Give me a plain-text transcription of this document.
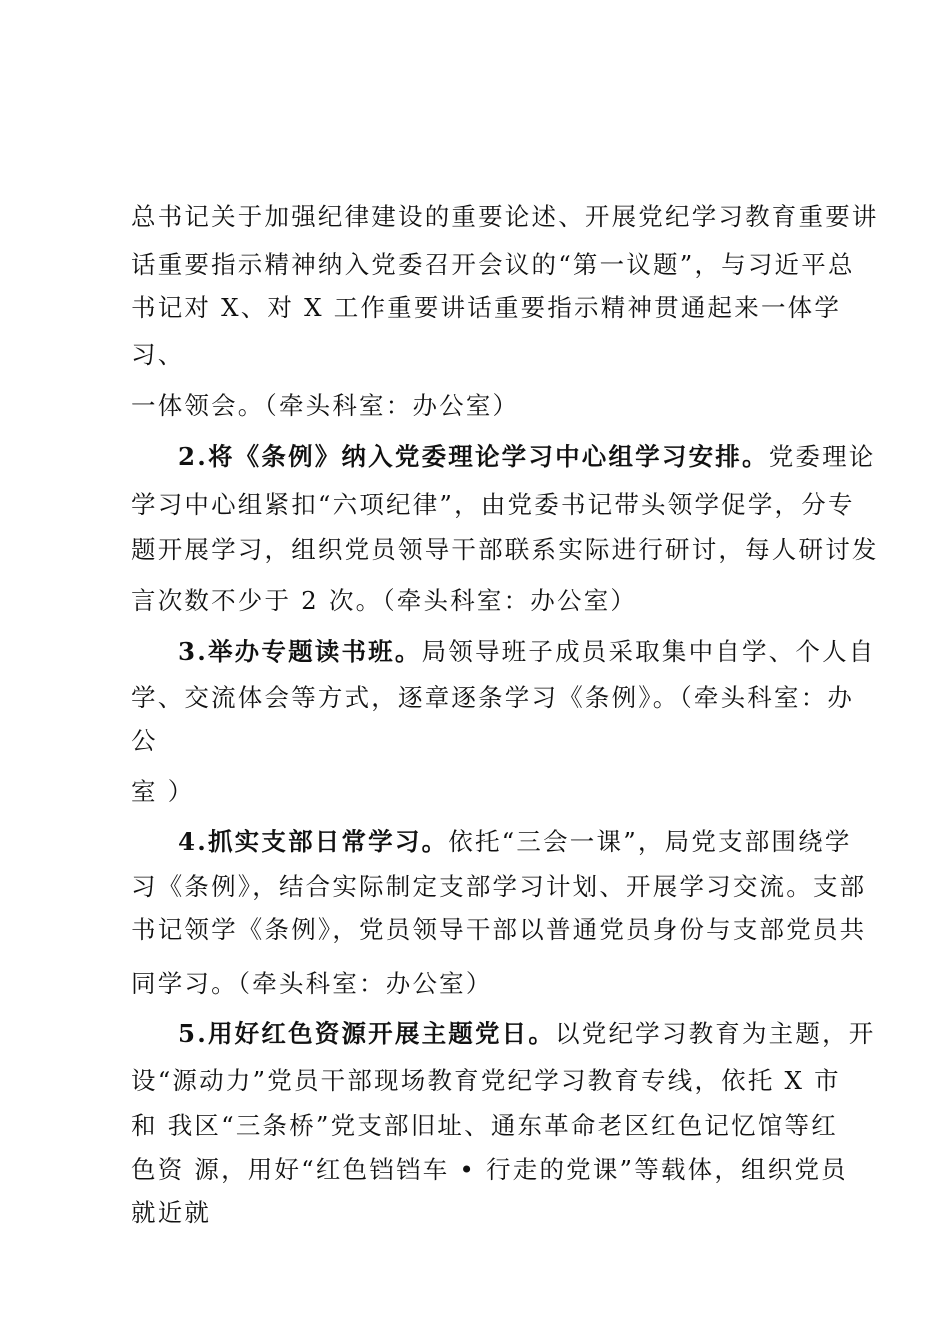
总书记关于加强纪律建设的重要论述、开展党纪学习教育重要讲
话重要指示精神纳入党委召开会议的“第一议题”，与习近平总
书记对 X、对 X 工作重要讲话重要指示精神贯通起来一体学
习、
一体领会。（牵头科室：办公室）
2.将《条例》纳入党委理论学习中心组学习安排。党委理论
学习中心组紧扣“六项纪律”，由党委书记带头领学促学，分专
题开展学习，组织党员领导干部联系实际进行研讨，每人研讨发
言次数不少于 2 次。（牵头科室：办公室）
3.举办专题读书班。局领导班子成员采取集中自学、个人自
学、交流体会等方式，逐章逐条学习《条例》。（牵头科室：办
公
室 ）
4.抓实支部日常学习。依托“三会一课”，局党支部围绕学
习《条例》，结合实际制定支部学习计划、开展学习交流。支部
书记领学《条例》，党员领导干部以普通党员身份与支部党员共
同学习。（牵头科室：办公室）
5.用好红色资源开展主题党日。以党纪学习教育为主题，开
设“源动力”党员干部现场教育党纪学习教育专线，依托 X 市
和 我区“三条桥”党支部旧址、通东革命老区红色记忆馆等红
色资 源，用好“红色铛铛车 • 行走的党课”等载体，组织党员
就近就
